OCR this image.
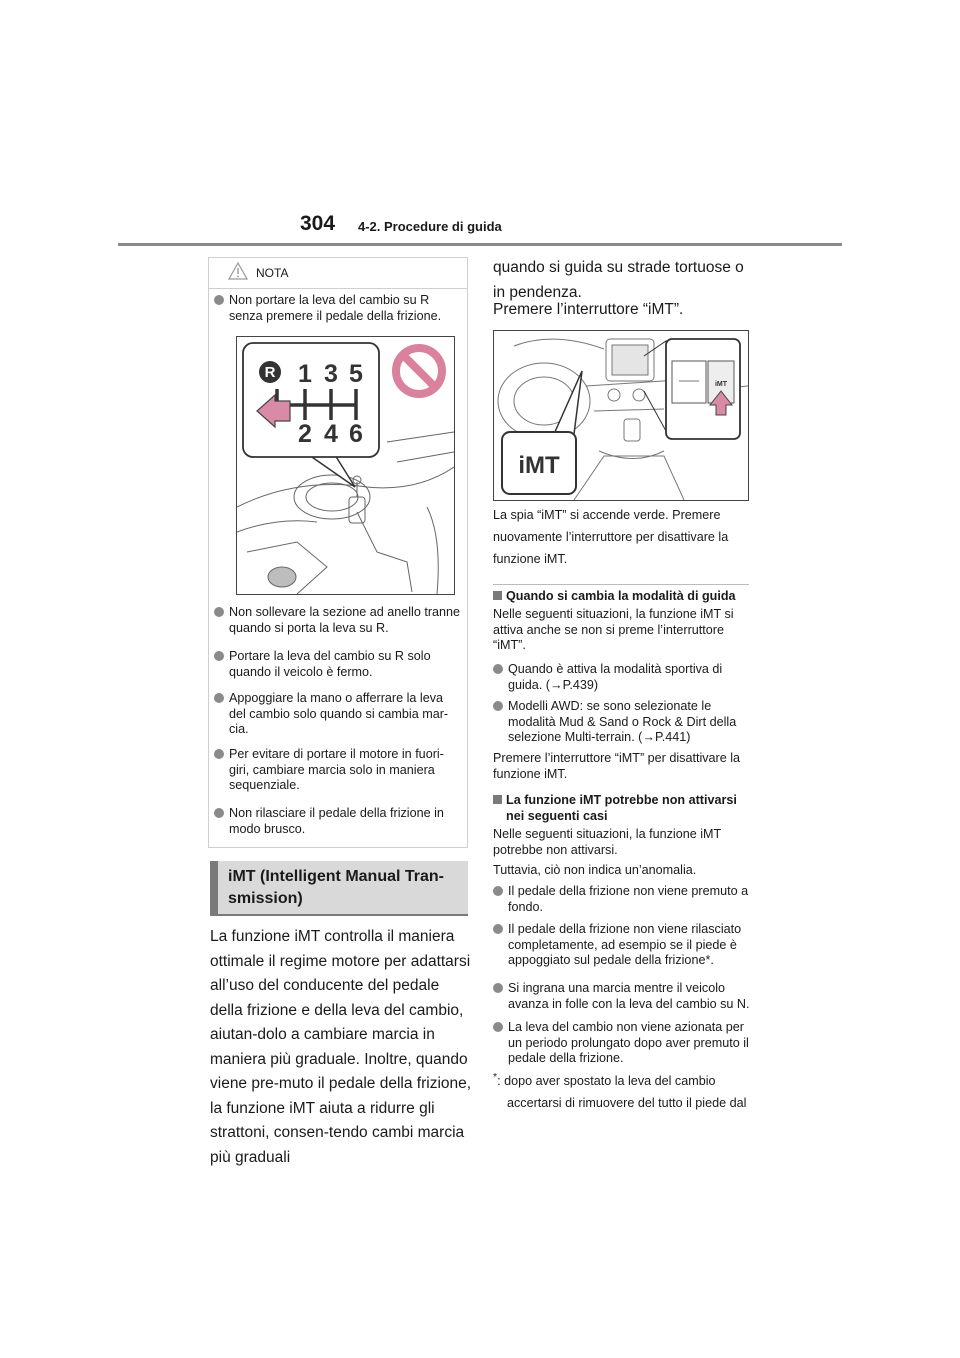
304 4-2. Procedure di guida
NOTA
Non portare la leva del cambio su R senza premere il pedale della frizione.
Non sollevare la sezione ad anello tranne quando si porta la leva su R.
Portare la leva del cambio su R solo quando il veicolo è fermo.
Appoggiare la mano o afferrare la leva del cambio solo quando si cambia mar-cia.
Per evitare di portare il motore in fuori-giri, cambiare marcia solo in maniera sequenziale.
Non rilasciare il pedale della frizione in modo brusco.
R 1 3 5
2 4 6
iMT (Intelligent Manual Tran-smission)
La funzione iMT controlla il maniera ottimale il regime motore per adattarsi all’uso del conducente del pedale della frizione e della leva del cambio, aiutan-dolo a cambiare marcia in maniera più graduale. Inoltre, quando viene pre-muto il pedale della frizione, la funzione iMT aiuta a ridurre gli strattoni, consen-tendo cambi marcia più graduali
quando si guida su strade tortuose o in pendenza.
Premere l’interruttore “iMT”.
iMT
iMT
La spia “iMT” si accende verde. Premere nuovamente l’interruttore per disattivare la funzione iMT.
Quando si cambia la modalità di guida
Nelle seguenti situazioni, la funzione iMT si attiva anche se non si preme l’interruttore “iMT”.
Quando è attiva la modalità sportiva di guida. (→P.439)
Modelli AWD: se sono selezionate le modalità Mud & Sand o Rock & Dirt della selezione Multi-terrain. (→P.441)
Premere l’interruttore “iMT” per disattivare la funzione iMT.
La funzione iMT potrebbe non attivarsi nei seguenti casi
Nelle seguenti situazioni, la funzione iMT potrebbe non attivarsi.
Tuttavia, ciò non indica un’anomalia.
Il pedale della frizione non viene premuto a fondo.
Il pedale della frizione non viene rilasciato completamente, ad esempio se il piede è appoggiato sul pedale della frizione*.
Si ingrana una marcia mentre il veicolo avanza in folle con la leva del cambio su N.
La leva del cambio non viene azionata per un periodo prolungato dopo aver premuto il pedale della frizione.
*: dopo aver spostato la leva del cambio accertarsi di rimuovere del tutto il piede dal
